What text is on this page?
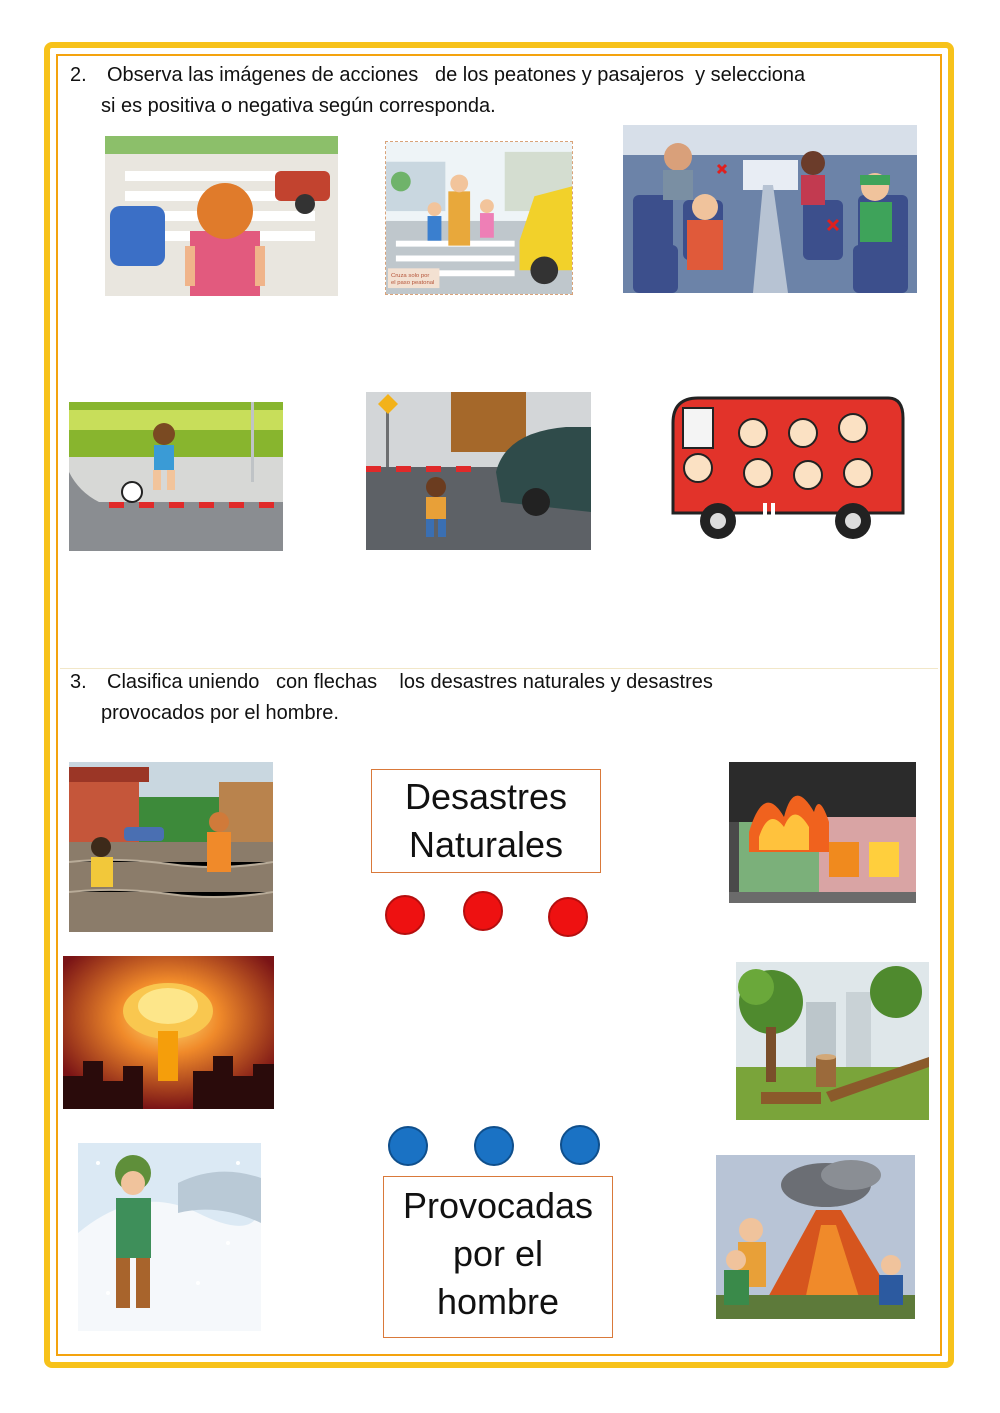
2. Observa las imágenes de acciones   de los peatones y pasajeros  y selecciona
si es positiva o negativa según corresponda.
Cruza solo por el paso peatonal
3. Clasifica uniendo   con flechas    los desastres naturales y desastres
provocados por el hombre.
Desastres
Naturales
Provocadas
por el
hombre
